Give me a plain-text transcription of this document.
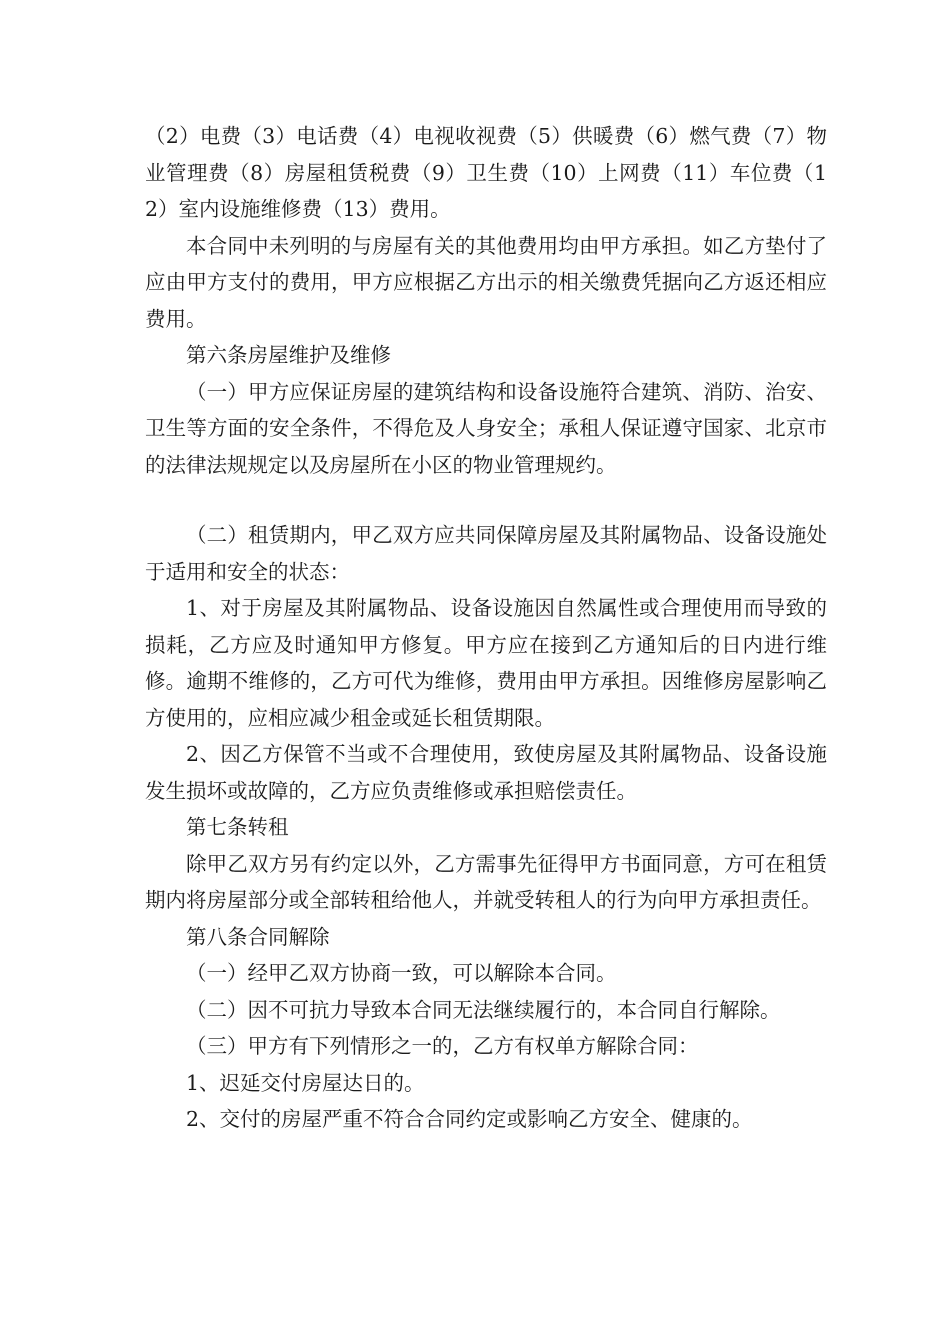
（2）电费（3）电话费（4）电视收视费（5）供暖费（6）燃气费（7）物业管理费（8）房屋租赁税费（9）卫生费（10）上网费（11）车位费（12）室内设施维修费（13）费用。

本合同中未列明的与房屋有关的其他费用均由甲方承担。如乙方垫付了应由甲方支付的费用，甲方应根据乙方出示的相关缴费凭据向乙方返还相应费用。

第六条房屋维护及维修

（一）甲方应保证房屋的建筑结构和设备设施符合建筑、消防、治安、卫生等方面的安全条件，不得危及人身安全；承租人保证遵守国家、北京市的法律法规规定以及房屋所在小区的物业管理规约。

（二）租赁期内，甲乙双方应共同保障房屋及其附属物品、设备设施处于适用和安全的状态：

1、对于房屋及其附属物品、设备设施因自然属性或合理使用而导致的损耗，乙方应及时通知甲方修复。甲方应在接到乙方通知后的日内进行维修。逾期不维修的，乙方可代为维修，费用由甲方承担。因维修房屋影响乙方使用的，应相应减少租金或延长租赁期限。

2、因乙方保管不当或不合理使用，致使房屋及其附属物品、设备设施发生损坏或故障的，乙方应负责维修或承担赔偿责任。

第七条转租

除甲乙双方另有约定以外，乙方需事先征得甲方书面同意，方可在租赁期内将房屋部分或全部转租给他人，并就受转租人的行为向甲方承担责任。

第八条合同解除

（一）经甲乙双方协商一致，可以解除本合同。

（二）因不可抗力导致本合同无法继续履行的，本合同自行解除。

（三）甲方有下列情形之一的，乙方有权单方解除合同：

1、迟延交付房屋达日的。

2、交付的房屋严重不符合合同约定或影响乙方安全、健康的。
